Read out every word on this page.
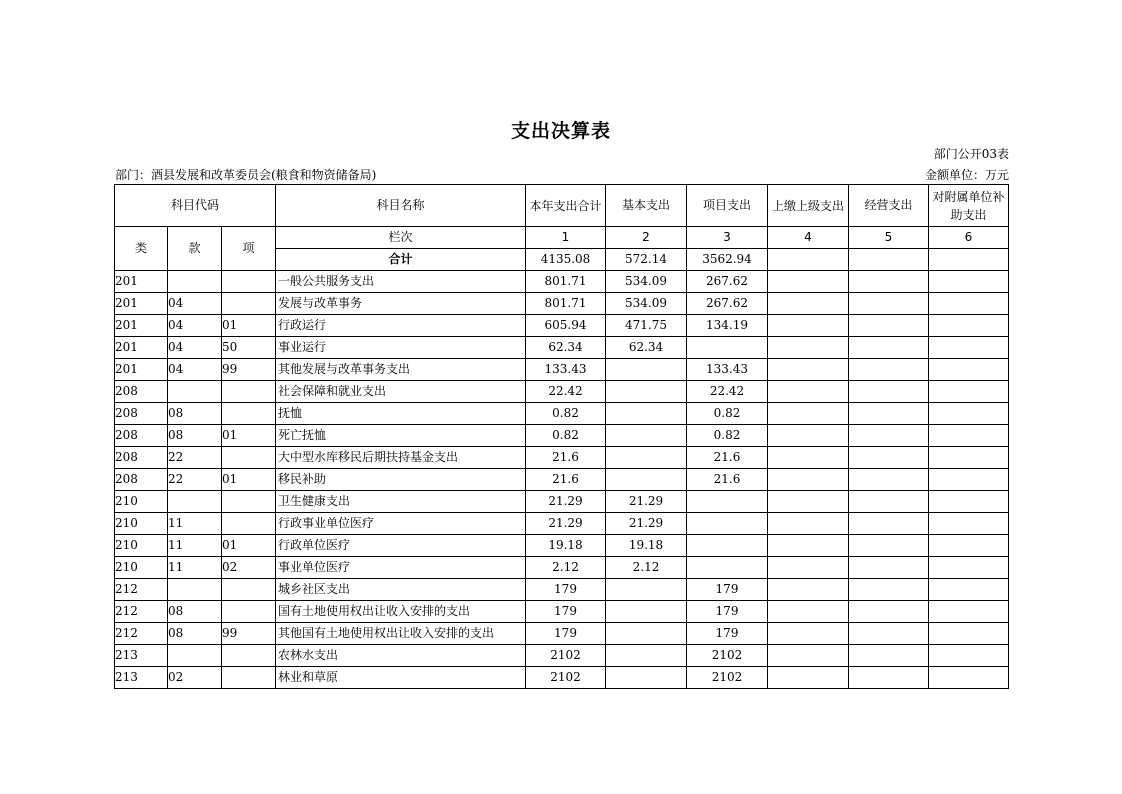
支出决算表
部门公开03表
部门：酒县发展和改革委员会(粮食和物资储备局)	金额单位：万元
科目代码			科目名称	本年支出合计	基本支出	项目支出	上缴上级支出	经营支出	对附属单位补助支出
类	款	项	栏次	1	2	3	4	5	6
			合计	4135.08	572.14	3562.94			
201			一般公共服务支出	801.71	534.09	267.62			
201	04		发展与改革事务	801.71	534.09	267.62			
201	04	01	行政运行	605.94	471.75	134.19			
201	04	50	事业运行	62.34	62.34				
201	04	99	其他发展与改革事务支出	133.43		133.43			
208			社会保障和就业支出	22.42		22.42			
208	08		抚恤	0.82		0.82			
208	08	01	死亡抚恤	0.82		0.82			
208	22		大中型水库移民后期扶持基金支出	21.6		21.6			
208	22	01	移民补助	21.6		21.6			
210			卫生健康支出	21.29	21.29				
210	11		行政事业单位医疗	21.29	21.29				
210	11	01	行政单位医疗	19.18	19.18				
210	11	02	事业单位医疗	2.12	2.12				
212			城乡社区支出	179		179			
212	08		国有土地使用权出让收入安排的支出	179		179			
212	08	99	其他国有土地使用权出让收入安排的支出	179		179			
213			农林水支出	2102		2102			
213	02		林业和草原	2102		2102			
